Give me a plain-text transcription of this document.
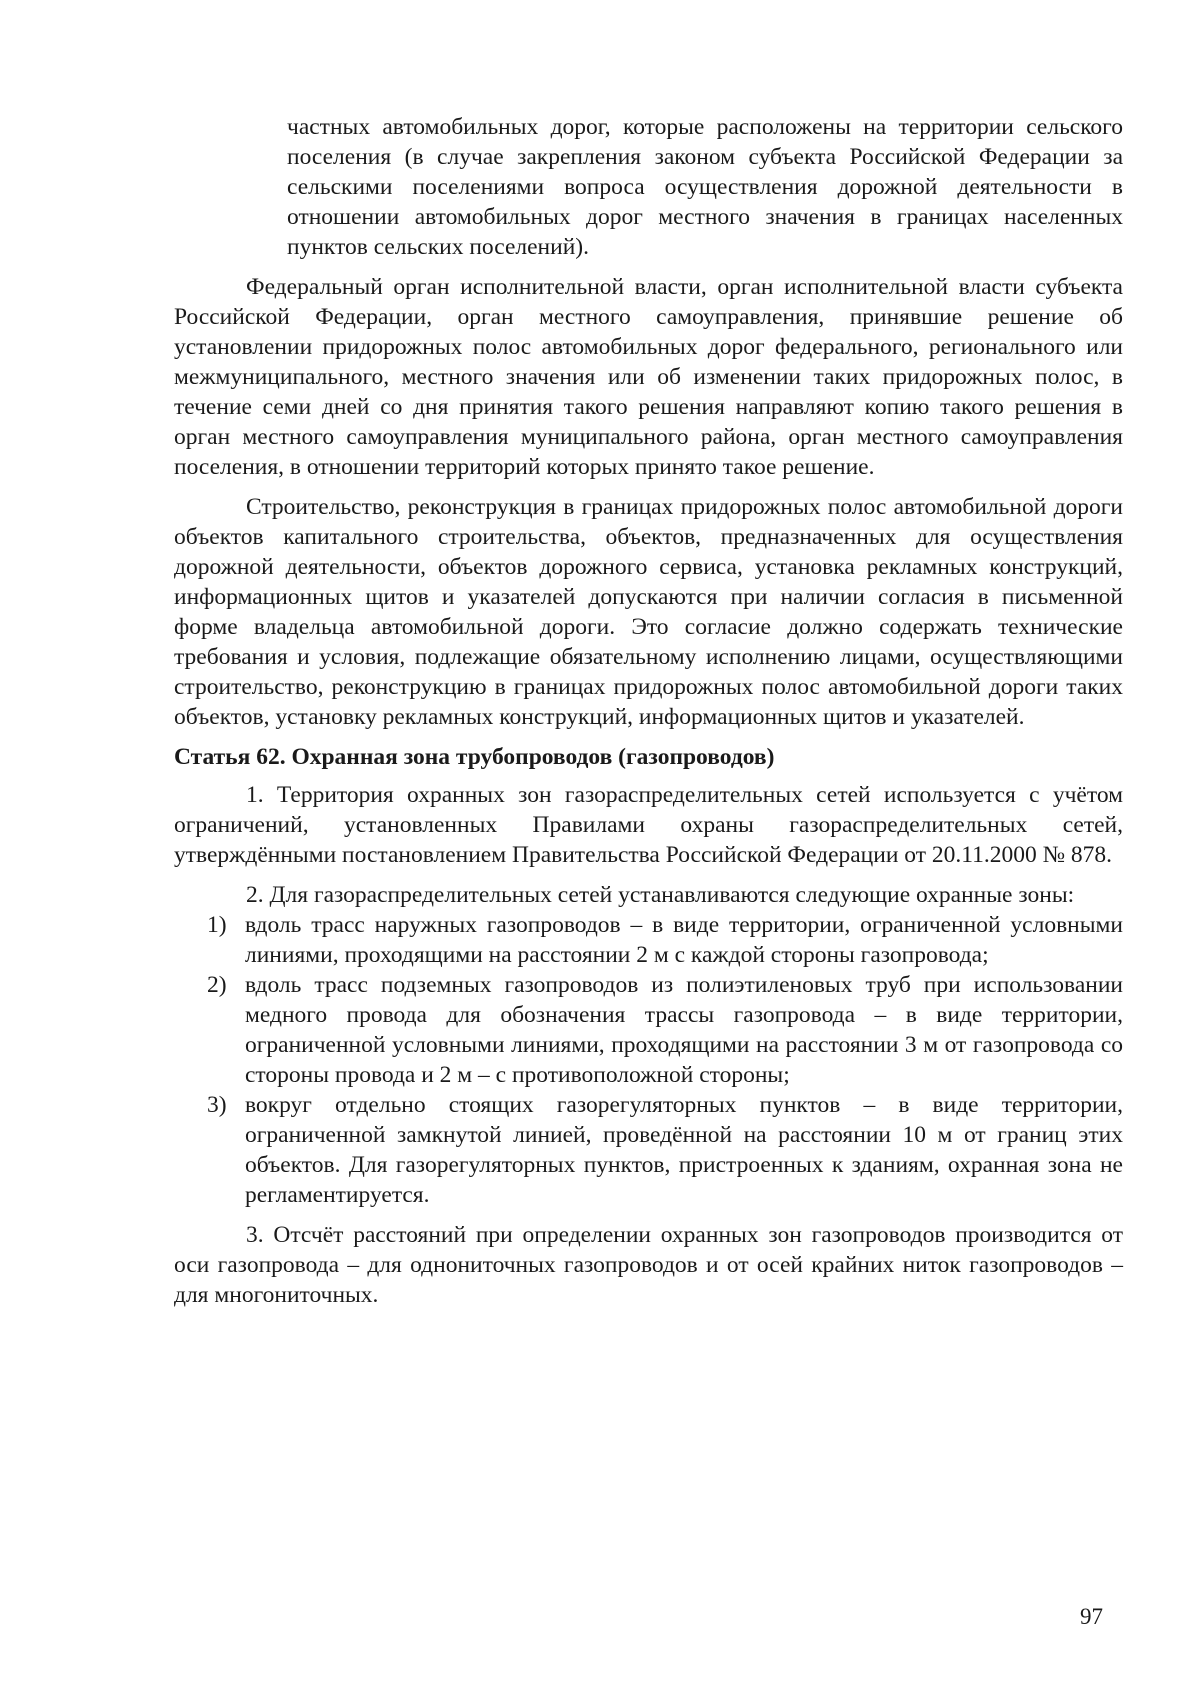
частных автомобильных дорог, которые расположены на территории сельского поселения (в случае закрепления законом субъекта Российской Федерации за сельскими поселениями вопроса осуществления дорожной деятельности в отношении автомобильных дорог местного значения в границах населенных пунктов сельских поселений).

Федеральный орган исполнительной власти, орган исполнительной власти субъекта Российской Федерации, орган местного самоуправления, принявшие решение об установлении придорожных полос автомобильных дорог федерального, регионального или межмуниципального, местного значения или об изменении таких придорожных полос, в течение семи дней со дня принятия такого решения направляют копию такого решения в орган местного самоуправления муниципального района, орган местного самоуправления поселения, в отношении территорий которых принято такое решение.

Строительство, реконструкция в границах придорожных полос автомобильной дороги объектов капитального строительства, объектов, предназначенных для осуществления дорожной деятельности, объектов дорожного сервиса, установка рекламных конструкций, информационных щитов и указателей допускаются при наличии согласия в письменной форме владельца автомобильной дороги. Это согласие должно содержать технические требования и условия, подлежащие обязательному исполнению лицами, осуществляющими строительство, реконструкцию в границах придорожных полос автомобильной дороги таких объектов, установку рекламных конструкций, информационных щитов и указателей.

Статья 62. Охранная зона трубопроводов (газопроводов)

1. Территория охранных зон газораспределительных сетей используется с учётом ограничений, установленных Правилами охраны газораспределительных сетей, утверждёнными постановлением Правительства Российской Федерации от 20.11.2000 № 878.

2. Для газораспределительных сетей устанавливаются следующие охранные зоны:

1) вдоль трасс наружных газопроводов – в виде территории, ограниченной условными линиями, проходящими на расстоянии 2 м с каждой стороны газопровода;
2) вдоль трасс подземных газопроводов из полиэтиленовых труб при использовании медного провода для обозначения трассы газопровода – в виде территории, ограниченной условными линиями, проходящими на расстоянии 3 м от газопровода со стороны провода и 2 м – с противоположной стороны;
3) вокруг отдельно стоящих газорегуляторных пунктов – в виде территории, ограниченной замкнутой линией, проведённой на расстоянии 10 м от границ этих объектов. Для газорегуляторных пунктов, пристроенных к зданиям, охранная зона не регламентируется.

3. Отсчёт расстояний при определении охранных зон газопроводов производится от оси газопровода – для однониточных газопроводов и от осей крайних ниток газопроводов – для многониточных.

97
